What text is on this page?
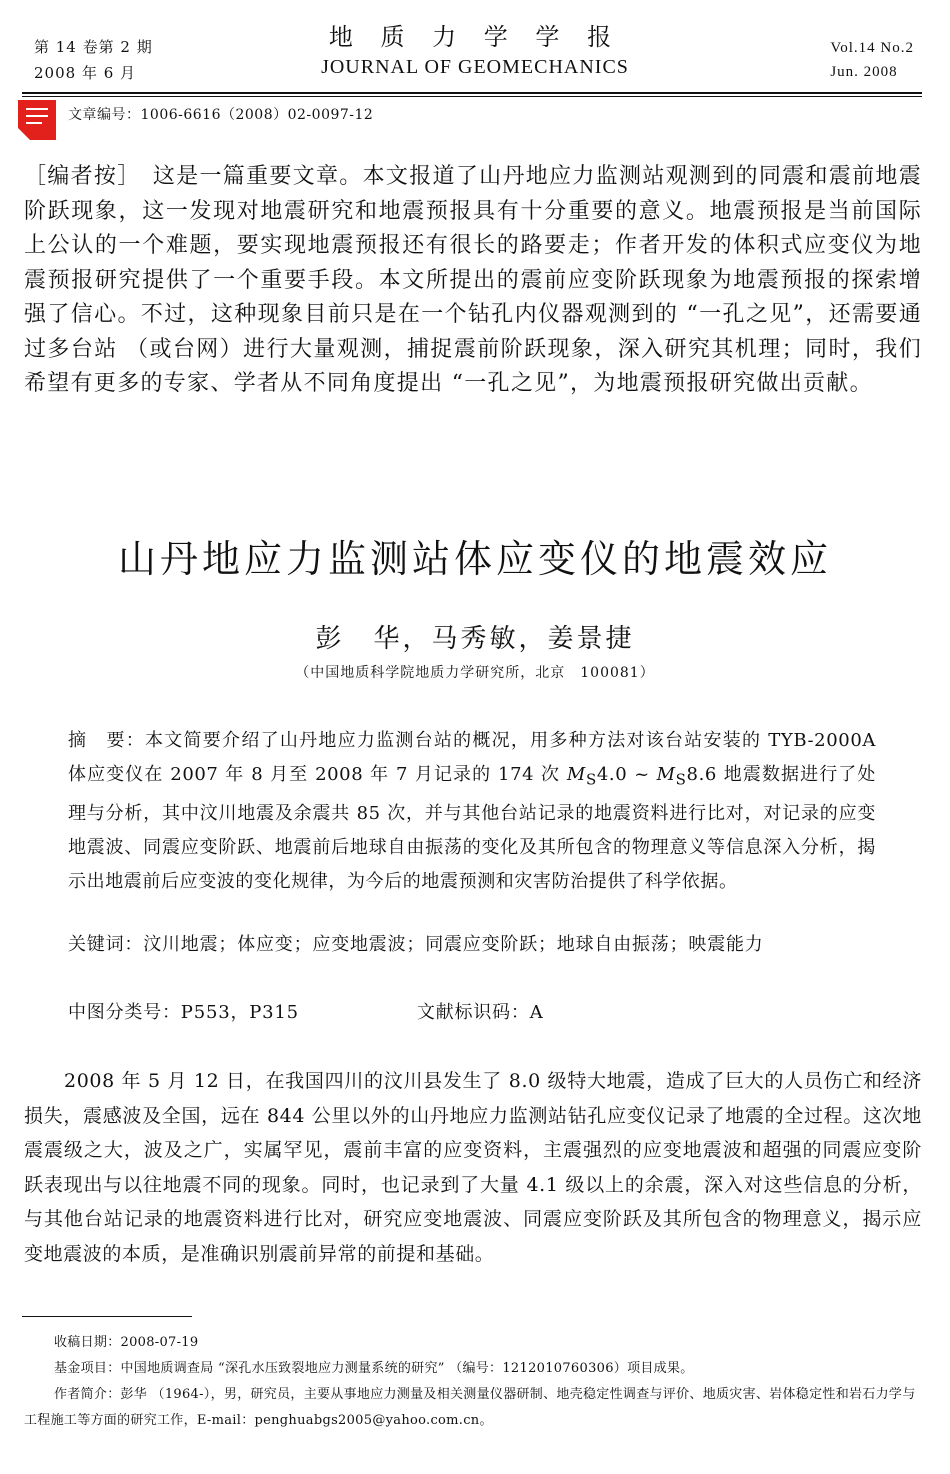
第 14 卷第 2 期
2008 年 6 月
地 质 力 学 学 报
JOURNAL OF GEOMECHANICS
Vol.14 No.2
Jun. 2008
文章编号：1006-6616（2008）02-0097-12
［编者按］　这是一篇重要文章。本文报道了山丹地应力监测站观测到的同震和震前地震阶跃现象，这一发现对地震研究和地震预报具有十分重要的意义。地震预报是当前国际上公认的一个难题，要实现地震预报还有很长的路要走；作者开发的体积式应变仪为地震预报研究提供了一个重要手段。本文所提出的震前应变阶跃现象为地震预报的探索增强了信心。不过，这种现象目前只是在一个钻孔内仪器观测到的 “一孔之见”，还需要通过多台站 （或台网）进行大量观测，捕捉震前阶跃现象，深入研究其机理；同时，我们希望有更多的专家、学者从不同角度提出 “一孔之见”，为地震预报研究做出贡献。
山丹地应力监测站体应变仪的地震效应
彭　华，马秀敏，姜景捷
（中国地质科学院地质力学研究所，北京　100081）
摘　要：本文简要介绍了山丹地应力监测台站的概况，用多种方法对该台站安装的 TYB-2000A 体应变仪在 2007 年 8 月至 2008 年 7 月记录的 174 次 $M_S4.0$ ~ $M_S8.6$ 地震数据进行了处理与分析，其中汶川地震及余震共 85 次，并与其他台站记录的地震资料进行比对，对记录的应变地震波、同震应变阶跃、地震前后地球自由振荡的变化及其所包含的物理意义等信息深入分析，揭示出地震前后应变波的变化规律，为今后的地震预测和灾害防治提供了科学依据。
关键词：汶川地震；体应变；应变地震波；同震应变阶跃；地球自由振荡；映震能力
中图分类号：P553，P315	文献标识码：A
2008 年 5 月 12 日，在我国四川的汶川县发生了 8.0 级特大地震，造成了巨大的人员伤亡和经济损失，震感波及全国，远在 844 公里以外的山丹地应力监测站钻孔应变仪记录了地震的全过程。这次地震震级之大，波及之广，实属罕见，震前丰富的应变资料，主震强烈的应变地震波和超强的同震应变阶跃表现出与以往地震不同的现象。同时，也记录到了大量 4.1 级以上的余震，深入对这些信息的分析，与其他台站记录的地震资料进行比对，研究应变地震波、同震应变阶跃及其所包含的物理意义，揭示应变地震波的本质，是准确识别震前异常的前提和基础。

收稿日期：2008-07-19

基金项目：中国地质调查局 “深孔水压致裂地应力测量系统的研究” （编号：1212010760306）项目成果。

作者简介：彭华 （1964-），男，研究员，主要从事地应力测量及相关测量仪器研制、地壳稳定性调查与评价、地质灾害、岩体稳定性和岩石力学与工程施工等方面的研究工作，E-mail：penghuabgs2005@yahoo.com.cn。
